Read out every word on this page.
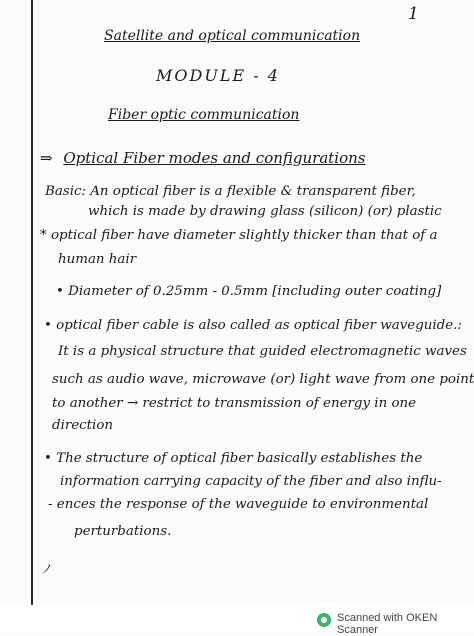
1
Satellite and optical communication
MODULE - 4
Fiber optic communication
⇒ Optical Fiber modes and configurations
Basic: An optical fiber is a flexible & transparent fiber,
which is made by drawing glass (silicon) (or) plastic
* optical fiber have diameter slightly thicker than that of a
human hair
• Diameter of 0.25mm - 0.5mm [including outer coating]
• optical fiber cable is also called as optical fiber waveguide.:
It is a physical structure that guided electromagnetic waves
such as audio wave, microwave (or) light wave from one point
to another → restrict to transmission of energy in one
direction
• The structure of optical fiber basically establishes the
information carrying capacity of the fiber and also influ-
- ences the response of the waveguide to environmental
perturbations.
ノ
Scanned with OKEN Scanner
